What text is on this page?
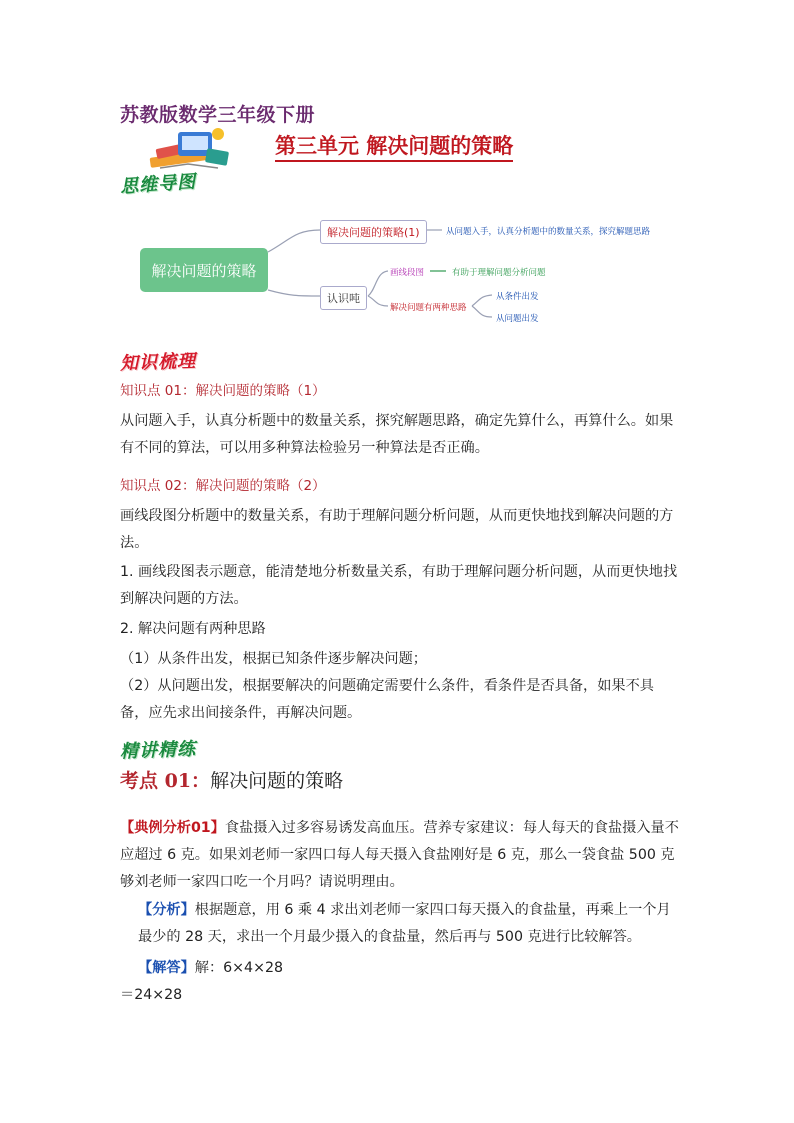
苏教版数学三年级下册
第三单元 解决问题的策略
思维导图
解决问题的策略
解决问题的策略(1)	从问题入手，认真分析题中的数量关系，探究解题思路
认识吨
画线段图	有助于理解问题分析问题
解决问题有两种思路
从条件出发
从问题出发
知识梳理
知识点 01：解决问题的策略（1）
从问题入手，认真分析题中的数量关系，探究解题思路，确定先算什么，再算什么。如果有不同的算法，可以用多种算法检验另一种算法是否正确。
知识点 02：解决问题的策略（2）
画线段图分析题中的数量关系，有助于理解问题分析问题，从而更快地找到解决问题的方法。
1. 画线段图表示题意，能清楚地分析数量关系，有助于理解问题分析问题，从而更快地找到解决问题的方法。
2. 解决问题有两种思路
（1）从条件出发，根据已知条件逐步解决问题；
（2）从问题出发，根据要解决的问题确定需要什么条件，看条件是否具备，如果不具备，应先求出间接条件，再解决问题。
精讲精练
考点 01：解决问题的策略
【典例分析01】食盐摄入过多容易诱发高血压。营养专家建议：每人每天的食盐摄入量不应超过 6 克。如果刘老师一家四口每人每天摄入食盐刚好是 6 克，那么一袋食盐 500 克够刘老师一家四口吃一个月吗？请说明理由。
【分析】根据题意，用 6 乘 4 求出刘老师一家四口每天摄入的食盐量，再乘上一个月最少的 28 天，求出一个月最少摄入的食盐量，然后再与 500 克进行比较解答。
【解答】解：6×4×28
＝24×28
